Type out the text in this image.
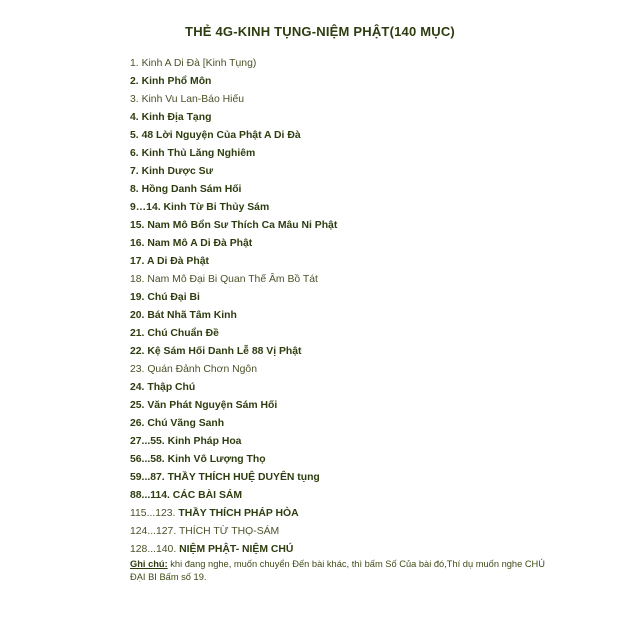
THẺ 4G-KINH TỤNG-NIỆM PHẬT(140 MỤC)
1. Kinh A Di Đà [Kinh Tụng)
2. Kinh Phổ Môn
3. Kinh Vu Lan-Báo Hiếu
4. Kinh Địa Tạng
5. 48 Lời Nguyện Của Phật A Di Đà
6. Kinh Thủ Lăng Nghiêm
7. Kinh Dược Sư
8. Hồng Danh Sám Hối
9…14. Kinh Từ Bi Thủy Sám
15. Nam Mô Bổn Sư Thích Ca Mâu Ni Phật
16. Nam Mô A Di Đà Phật
17. A Di Đà Phật
18. Nam Mô Đại Bi Quan Thế Âm Bồ Tát
19. Chú Đại Bi
20. Bát Nhã Tâm Kinh
21. Chú Chuẩn Đề
22. Kệ Sám Hối Danh Lễ 88 Vị Phật
23. Quán Đảnh Chơn Ngôn
24. Thập Chú
25. Văn Phát Nguyện Sám Hối
26. Chú Vãng Sanh
27...55. Kinh Pháp Hoa
56...58. Kinh Vô Lượng Thọ
59...87. THẦY THÍCH HUỆ DUYÊN tụng
88...114. CÁC BÀI SÁM
115...123. THẦY THÍCH PHÁP HÒA
124...127. THÍCH TỪ THỌ-SÁM
128...140. NIỆM PHẬT- NIỆM CHÚ
Ghi chú: khi đang nghe, muốn chuyển Đến bài khác, thì bấm Số Của bài đó,Thí dụ muốn nghe CHÚ ĐẠI BI Bấm số 19.
